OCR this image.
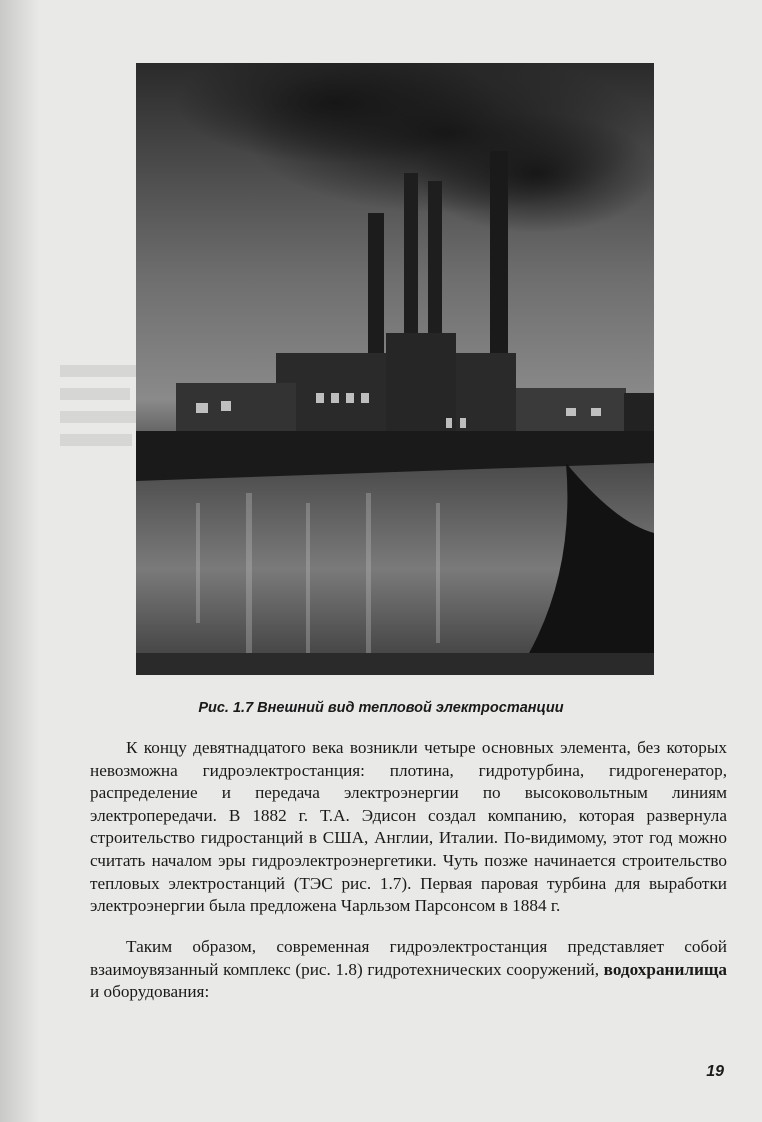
Рис. 1.7 Внешний вид тепловой электростанции

К концу девятнадцатого века возникли четыре основных элемента, без которых невозможна гидроэлектростанция: плотина, гидротурбина, гидрогенератор, распределение и передача электроэнергии по высоковольтным линиям электропередачи. В 1882 г. Т.А. Эдисон создал компанию, которая развернула строительство гидростанций в США, Англии, Италии. По-видимому, этот год можно считать началом эры гидроэлектроэнергетики. Чуть позже начинается строительство тепловых электростанций (ТЭС рис. 1.7). Первая паровая турбина для выработки электроэнергии была предложена Чарльзом Парсонсом в 1884 г.

Таким образом, современная гидроэлектростанция представляет собой взаимоувязанный комплекс (рис. 1.8) гидротехнических сооружений, водохранилища и оборудования:

19
